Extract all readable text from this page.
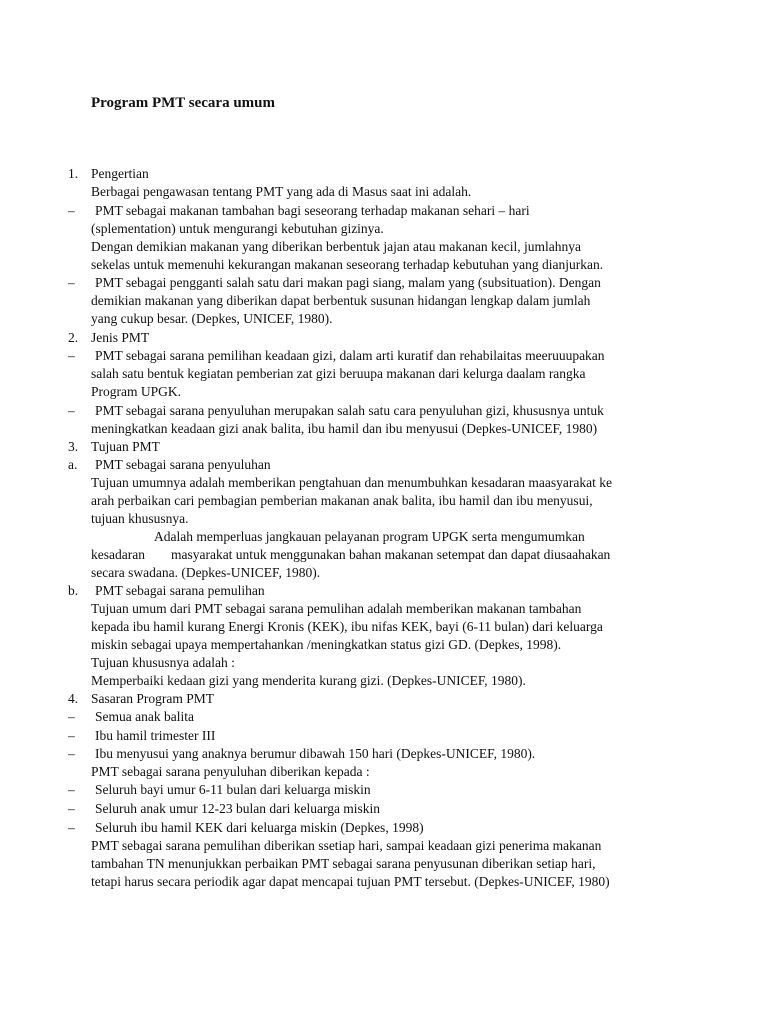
Program PMT secara umum
1. Pengertian
Berbagai pengawasan tentang PMT yang ada di Masus saat ini adalah.
– PMT sebagai makanan tambahan bagi seseorang terhadap makanan sehari – hari
(splementation) untuk mengurangi kebutuhan gizinya.
Dengan demikian makanan yang diberikan berbentuk jajan atau makanan kecil, jumlahnya
sekelas untuk memenuhi kekurangan makanan seseorang terhadap kebutuhan yang dianjurkan.
– PMT sebagai pengganti salah satu dari makan pagi siang, malam yang (subsituation). Dengan
demikian makanan yang diberikan dapat berbentuk susunan hidangan lengkap dalam jumlah
yang cukup besar. (Depkes, UNICEF, 1980).
2. Jenis PMT
– PMT sebagai sarana pemilihan keadaan gizi, dalam arti kuratif dan rehabilaitas meeruuupakan
salah satu bentuk kegiatan pemberian zat gizi beruupa makanan dari kelurga daalam rangka
Program UPGK.
– PMT sebagai sarana penyuluhan merupakan salah satu cara penyuluhan gizi, khususnya untuk
meningkatkan keadaan gizi anak balita, ibu hamil dan ibu menyusui (Depkes-UNICEF, 1980)
3. Tujuan PMT
a. PMT sebagai sarana penyuluhan
Tujuan umumnya adalah memberikan pengtahuan dan menumbuhkan kesadaran maasyarakat ke
arah perbaikan cari pembagian pemberian makanan anak balita, ibu hamil dan ibu menyusui,
tujuan khususnya.
Adalah memperluas jangkauan pelayanan program UPGK serta mengumumkan
kesadaran masyarakat untuk menggunakan bahan makanan setempat dan dapat diusaahakan
secara swadana. (Depkes-UNICEF, 1980).
b. PMT sebagai sarana pemulihan
Tujuan umum dari PMT sebagai sarana pemulihan adalah memberikan makanan tambahan
kepada ibu hamil kurang Energi Kronis (KEK), ibu nifas KEK, bayi (6-11 bulan) dari keluarga
miskin sebagai upaya mempertahankan /meningkatkan status gizi GD. (Depkes, 1998).
Tujuan khususnya adalah :
Memperbaiki kedaan gizi yang menderita kurang gizi. (Depkes-UNICEF, 1980).
4. Sasaran Program PMT
– Semua anak balita
– Ibu hamil trimester III
– Ibu menyusui yang anaknya berumur dibawah 150 hari (Depkes-UNICEF, 1980).
PMT sebagai sarana penyuluhan diberikan kepada :
– Seluruh bayi umur 6-11 bulan dari keluarga miskin
– Seluruh anak umur 12-23 bulan dari keluarga miskin
– Seluruh ibu hamil KEK dari keluarga miskin (Depkes, 1998)
PMT sebagai sarana pemulihan diberikan ssetiap hari, sampai keadaan gizi penerima makanan
tambahan TN menunjukkan perbaikan PMT sebagai sarana penyusunan diberikan setiap hari,
tetapi harus secara periodik agar dapat mencapai tujuan PMT tersebut. (Depkes-UNICEF, 1980)
